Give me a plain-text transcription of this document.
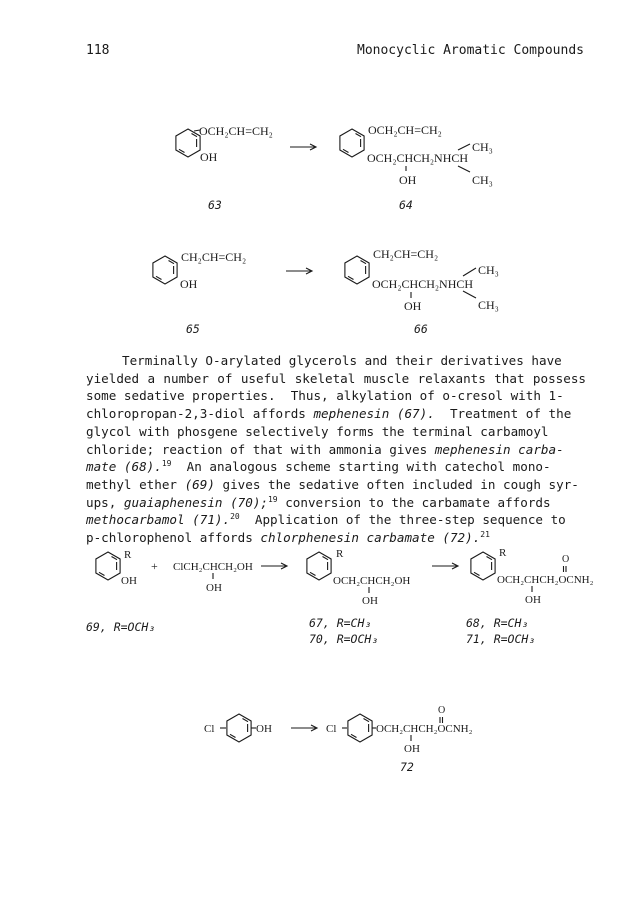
118	Monocyclic Aromatic Compounds
OCH₂CH=CH₂
OH
OCH₂CH=CH₂
OCH₂CHCH₂NHCH
CH₃
CH₃
OH
63	64
CH₂CH=CH₂
OH
CH₂CH=CH₂
OCH₂CHCH₂NHCH
CH₃
CH₃
OH
65	66
R
OH
+ ClCH₂CHCH₂OH
OH
R
OCH₂CHCH₂OH
OH
R
O
OCH₂CHCH₂OCNH₂
OH
69, R=OCH₃	67, R=CH₃
70, R=OCH₃
68, R=CH₃
71, R=OCH₃
Cl	OH	Cl	OCH₂CHCH₂OCNH₂
O
OH
72
Terminally O-arylated glycerols and their derivatives have
yielded a number of useful skeletal muscle relaxants that possess
some sedative properties.  Thus, alkylation of o-cresol with 1-
chloropropan-2,3-diol affords mephenesin (67).  Treatment of the
glycol with phosgene selectively forms the terminal carbamoyl
chloride; reaction of that with ammonia gives mephenesin carba-
mate (68).$^{19}$  An analogous scheme starting with catechol mono-
methyl ether (69) gives the sedative often included in cough syr-
ups, guaiaphenesin (70);$^{19}$ conversion to the carbamate affords
methocarbamol (71).$^{20}$  Application of the three-step sequence to
p-chlorophenol affords chlorphenesin carbamate (72).$^{21}$
